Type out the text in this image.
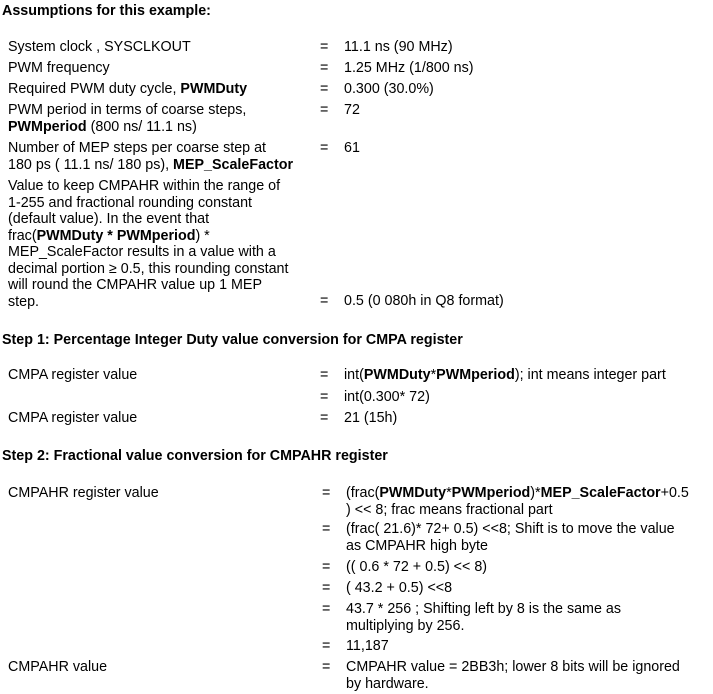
Assumptions for this example:
System clock , SYSCLKOUT	= 11.1 ns (90 MHz)
PWM frequency	= 1.25 MHz (1/800 ns)
Required PWM duty cycle, PWMDuty	= 0.300 (30.0%)
PWM period in terms of coarse steps,
PWMperiod (800 ns/ 11.1 ns)
= 72
Number of MEP steps per coarse step at
180 ps ( 11.1 ns/ 180 ps), MEP_ScaleFactor
= 61
Value to keep CMPAHR within the range of
1-255 and fractional rounding constant
(default value). In the event that
frac(PWMDuty * PWMperiod) *
MEP_ScaleFactor results in a value with a
decimal portion ≥ 0.5, this rounding constant
will round the CMPAHR value up 1 MEP
step.	= 0.5 (0 080h in Q8 format)
Step 1: Percentage Integer Duty value conversion for CMPA register
CMPA register value	= int(PWMDuty*PWMperiod); int means integer part
= int(0.300* 72)
CMPA register value	= 21 (15h)
Step 2: Fractional value conversion for CMPAHR register
CMPAHR register value	= (frac(PWMDuty*PWMperiod)*MEP_ScaleFactor+0.5
) << 8; frac means fractional part
= (frac( 21.6)* 72+ 0.5) <<8; Shift is to move the value
as CMPAHR high byte
= (( 0.6 * 72 + 0.5) << 8)
= ( 43.2 + 0.5) <<8
= 43.7 * 256 ; Shifting left by 8 is the same as
multiplying by 256.
= 11,187
CMPAHR value	= CMPAHR value = 2BB3h; lower 8 bits will be ignored
by hardware.
